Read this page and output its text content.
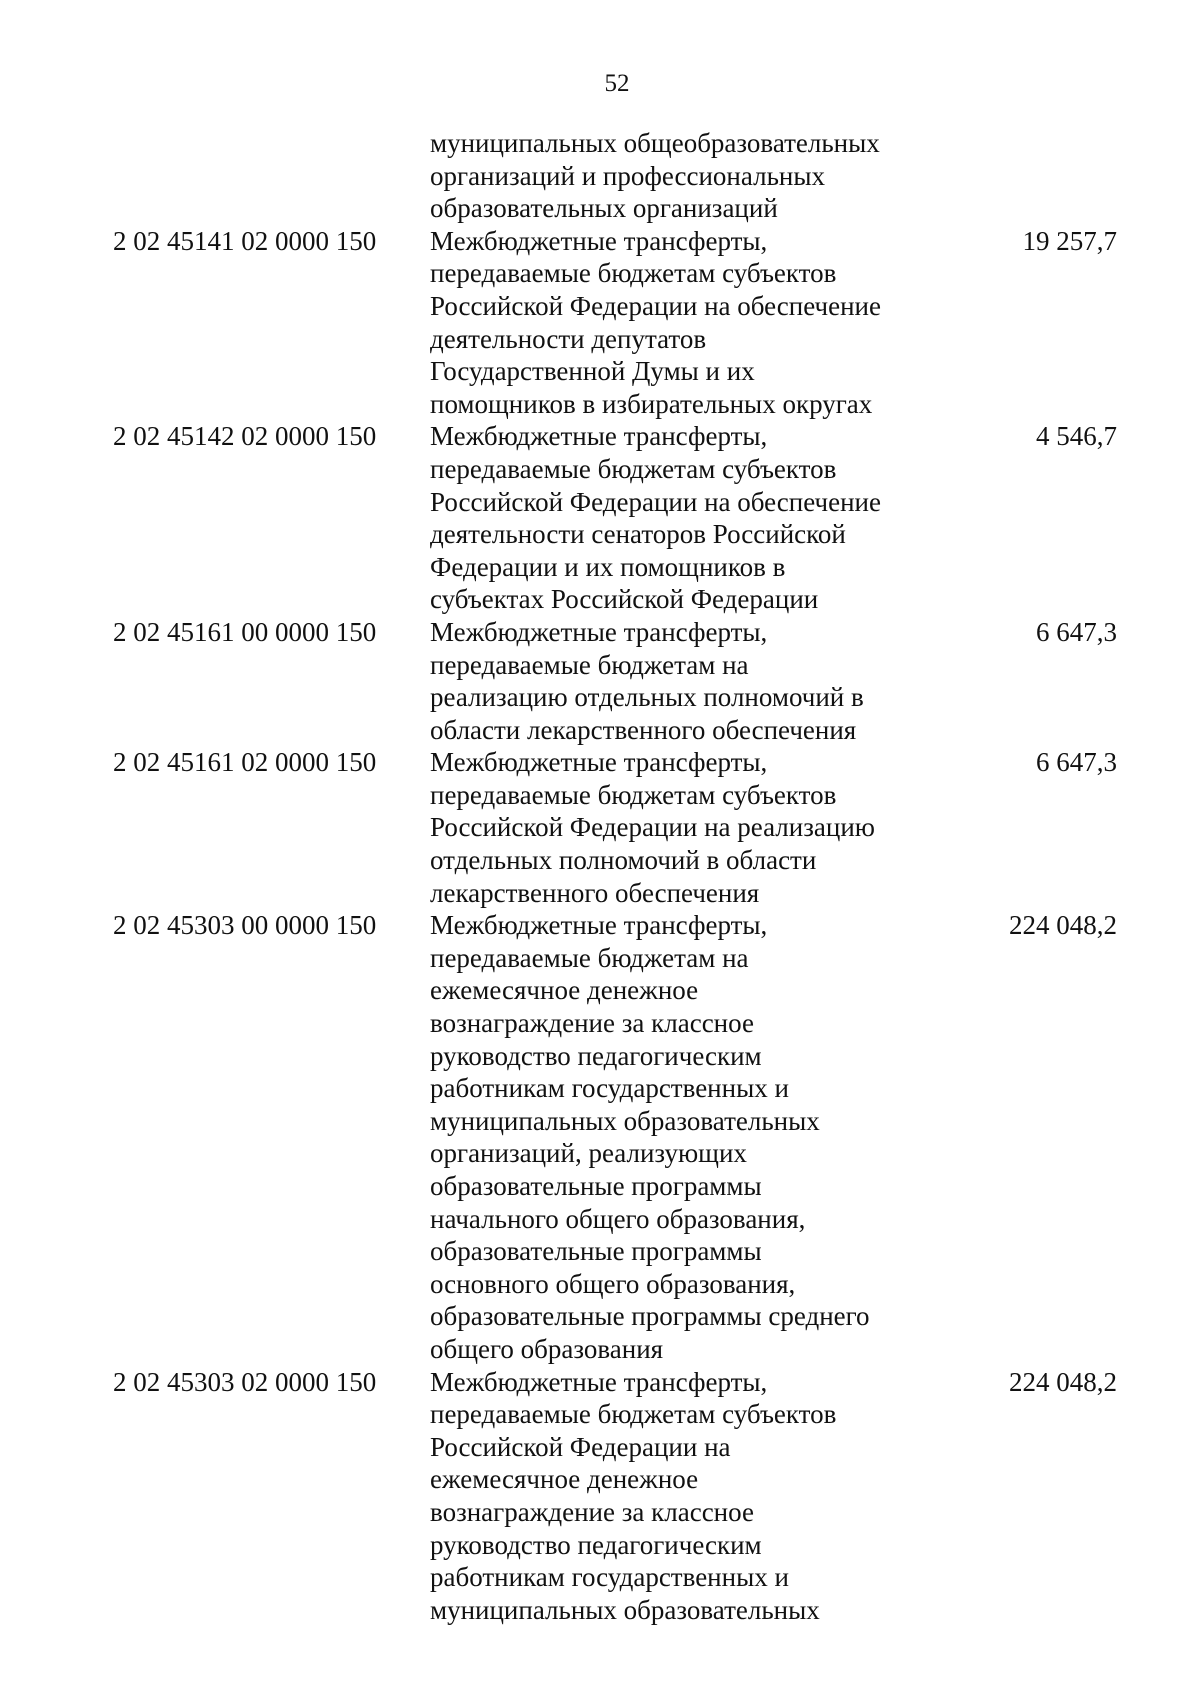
52
муниципальных общеобразовательных
организаций и профессиональных
образовательных организаций
2 02 45141 02 0000 150 Межбюджетные трансферты,
передаваемые бюджетам субъектов
Российской Федерации на обеспечение
деятельности депутатов
Государственной Думы и их
помощников в избирательных округах
19 257,7
2 02 45142 02 0000 150 Межбюджетные трансферты,
передаваемые бюджетам субъектов
Российской Федерации на обеспечение
деятельности сенаторов Российской
Федерации и их помощников в
субъектах Российской Федерации
4 546,7
2 02 45161 00 0000 150 Межбюджетные трансферты,
передаваемые бюджетам на
реализацию отдельных полномочий в
области лекарственного обеспечения
6 647,3
2 02 45161 02 0000 150 Межбюджетные трансферты,
передаваемые бюджетам субъектов
Российской Федерации на реализацию
отдельных полномочий в области
лекарственного обеспечения
6 647,3
2 02 45303 00 0000 150 Межбюджетные трансферты,
передаваемые бюджетам на
ежемесячное денежное
вознаграждение за классное
руководство педагогическим
работникам государственных и
муниципальных образовательных
организаций, реализующих
образовательные программы
начального общего образования,
образовательные программы
основного общего образования,
образовательные программы среднего
общего образования
224 048,2
2 02 45303 02 0000 150 Межбюджетные трансферты,
передаваемые бюджетам субъектов
Российской Федерации на
ежемесячное денежное
вознаграждение за классное
руководство педагогическим
работникам государственных и
муниципальных образовательных
224 048,2
